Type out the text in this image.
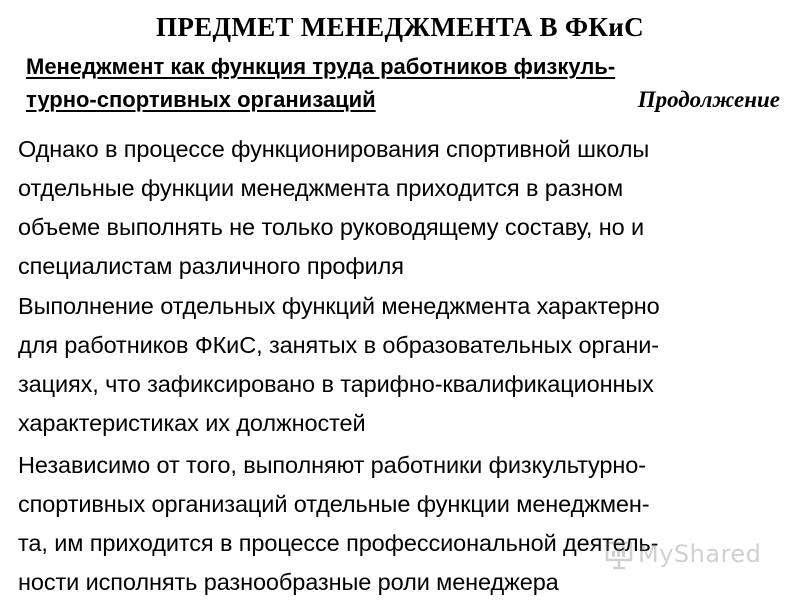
ПРЕДМЕТ МЕНЕДЖМЕНТА В ФКиС
Менеджмент как функция труда работников физкуль-
турно-спортивных организаций	Продолжение
Однако в процессе функционирования спортивной школы
отдельные функции менеджмента приходится в разном
объеме выполнять не только руководящему составу, но и
специалистам различного профиля
Выполнение отдельных функций менеджмента характерно
для работников ФКиС, занятых в образовательных органи-
зациях, что зафиксировано в тарифно-квалификационных
характеристиках их должностей
Независимо от того, выполняют работники физкультурно-
спортивных организаций отдельные функции менеджмен-
та, им приходится в процессе профессиональной деятель-
ности исполнять разнообразные роли менеджера
MyShared
